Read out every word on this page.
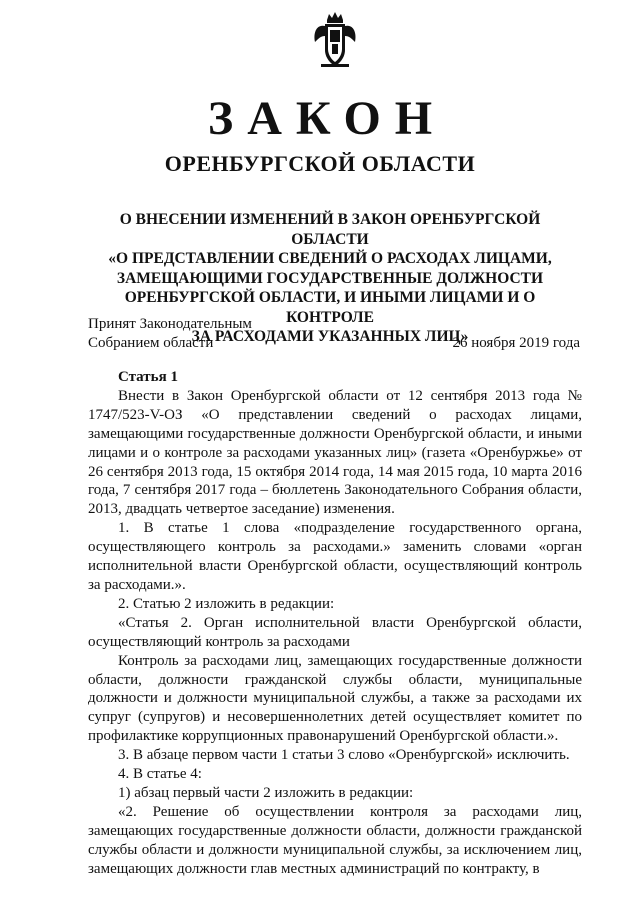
ЗАКОН
ОРЕНБУРГСКОЙ ОБЛАСТИ
О ВНЕСЕНИИ ИЗМЕНЕНИЙ В ЗАКОН ОРЕНБУРГСКОЙ ОБЛАСТИ
«О ПРЕДСТАВЛЕНИИ СВЕДЕНИЙ О РАСХОДАХ ЛИЦАМИ,
ЗАМЕЩАЮЩИМИ ГОСУДАРСТВЕННЫЕ ДОЛЖНОСТИ
ОРЕНБУРГСКОЙ ОБЛАСТИ, И ИНЫМИ ЛИЦАМИ И О КОНТРОЛЕ
ЗА РАСХОДАМИ УКАЗАННЫХ ЛИЦ»
Принят Законодательным
Собранием области	26 ноября 2019 года

Статья 1

Внести в Закон Оренбургской области от 12 сентября 2013 года № 1747/523-V-ОЗ «О представлении сведений о расходах лицами, замещающими государственные должности Оренбургской области, и иными лицами и о контроле за расходами указанных лиц» (газета «Оренбуржье» от 26 сентября 2013 года, 15 октября 2014 года, 14 мая 2015 года, 10 марта 2016 года, 7 сентября 2017 года – бюллетень Законодательного Собрания области, 2013, двадцать четвертое заседание) изменения.

1. В статье 1 слова «подразделение государственного органа, осуществляющего контроль за расходами.» заменить словами «орган исполнительной власти Оренбургской области, осуществляющий контроль за расходами.».

2. Статью 2 изложить в редакции:

«Статья 2. Орган исполнительной власти Оренбургской области, осуществляющий контроль за расходами

Контроль за расходами лиц, замещающих государственные должности области, должности гражданской службы области, муниципальные должности и должности муниципальной службы, а также за расходами их супруг (супругов) и несовершеннолетних детей осуществляет комитет по профилактике коррупционных правонарушений Оренбургской области.».

3. В абзаце первом части 1 статьи 3 слово «Оренбургской» исключить.

4. В статье 4:

1) абзац первый части 2 изложить в редакции:

«2. Решение об осуществлении контроля за расходами лиц, замещающих государственные должности области, должности гражданской службы области и должности муниципальной службы, за исключением лиц, замещающих должности глав местных администраций по контракту, в
